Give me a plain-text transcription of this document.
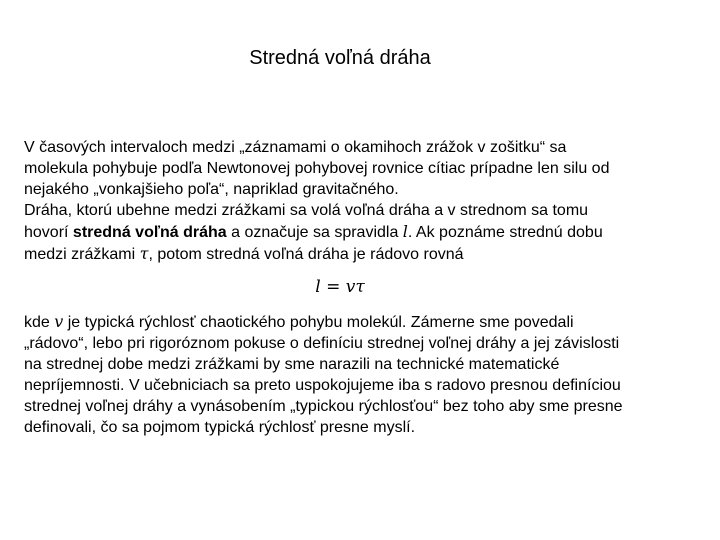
Stredná voľná dráha
V časových intervaloch medzi „záznamami o okamihoch zrážok v zošitku“ sa
molekula pohybuje podľa Newtonovej pohybovej rovnice cítiac prípadne len silu od
nejakého „vonkajšieho poľa“, napriklad gravitačného.
Dráha, ktorú ubehne medzi zrážkami sa volá voľná dráha a v strednom sa tomu
hovorí stredná voľná dráha a označuje sa spravidla l. Ak poznáme strednú dobu
medzi zrážkami τ, potom stredná voľná dráha je rádovo rovná
l = vτ
kde v je typická rýchlosť chaotického pohybu molekúl. Zámerne sme povedali
„rádovo“, lebo pri rigoróznom pokuse o definíciu strednej voľnej dráhy a jej závislosti
na strednej dobe medzi zrážkami by sme narazili na technické matematické
nepríjemnosti. V učebniciach sa preto uspokojujeme iba s radovo presnou definíciou
strednej voľnej dráhy a vynásobením „typickou rýchlosťou“ bez toho aby sme presne
definovali, čo sa pojmom typická rýchlosť presne myslí.
